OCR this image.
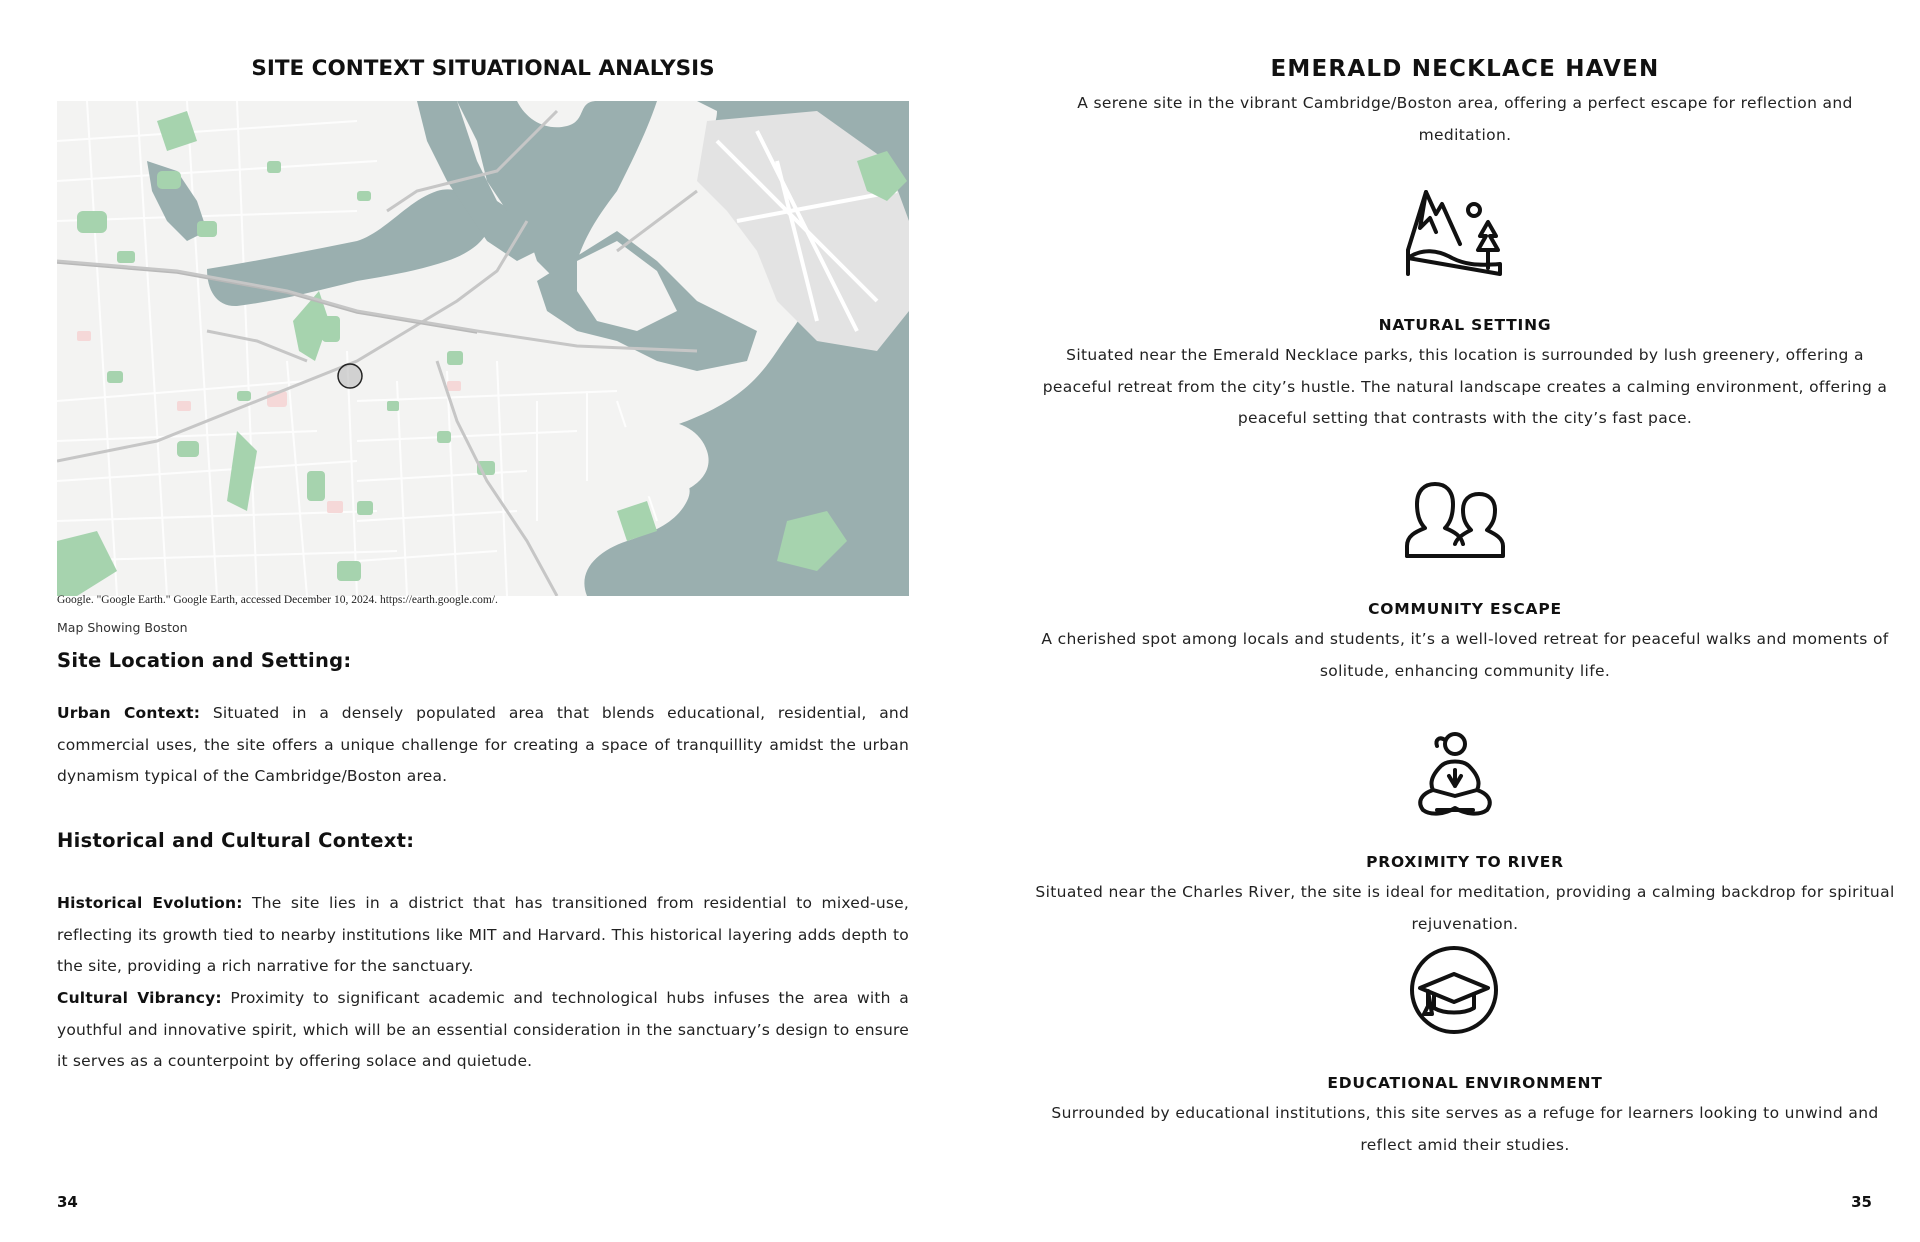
SITE CONTEXT SITUATIONAL ANALYSIS
Google. "Google Earth." Google Earth, accessed December 10, 2024. https://earth.google.com/.
Map Showing Boston
Site Location and Setting:

Urban Context: Situated in a densely populated area that blends educational, residential, and commercial uses, the site offers a unique challenge for creating a space of tranquillity amidst the urban dynamism typical of the Cambridge/Boston area.

Historical and Cultural Context:

Historical Evolution: The site lies in a district that has transitioned from residential to mixed-use, reflecting its growth tied to nearby institutions like MIT and Harvard. This historical layering adds depth to the site, providing a rich narrative for the sanctuary.

Cultural Vibrancy: Proximity to significant academic and technological hubs infuses the area with a youthful and innovative spirit, which will be an essential consideration in the sanctuary’s design to ensure it serves as a counterpoint by offering solace and quietude.

34
EMERALD NECKLACE HAVEN

A serene site in the vibrant Cambridge/Boston area, offering a perfect escape for reflection and meditation.

NATURAL SETTING

Situated near the Emerald Necklace parks, this location is surrounded by lush greenery, offering a peaceful retreat from the city’s hustle. The natural landscape creates a calming environment, offering a peaceful setting that contrasts with the city’s fast pace.

COMMUNITY ESCAPE

A cherished spot among locals and students, it’s a well-loved retreat for peaceful walks and moments of solitude, enhancing community life.

PROXIMITY TO RIVER

Situated near the Charles River, the site is ideal for meditation, providing a calming backdrop for spiritual rejuvenation.

EDUCATIONAL ENVIRONMENT

Surrounded by educational institutions, this site serves as a refuge for learners looking to unwind and reflect amid their studies.

35
